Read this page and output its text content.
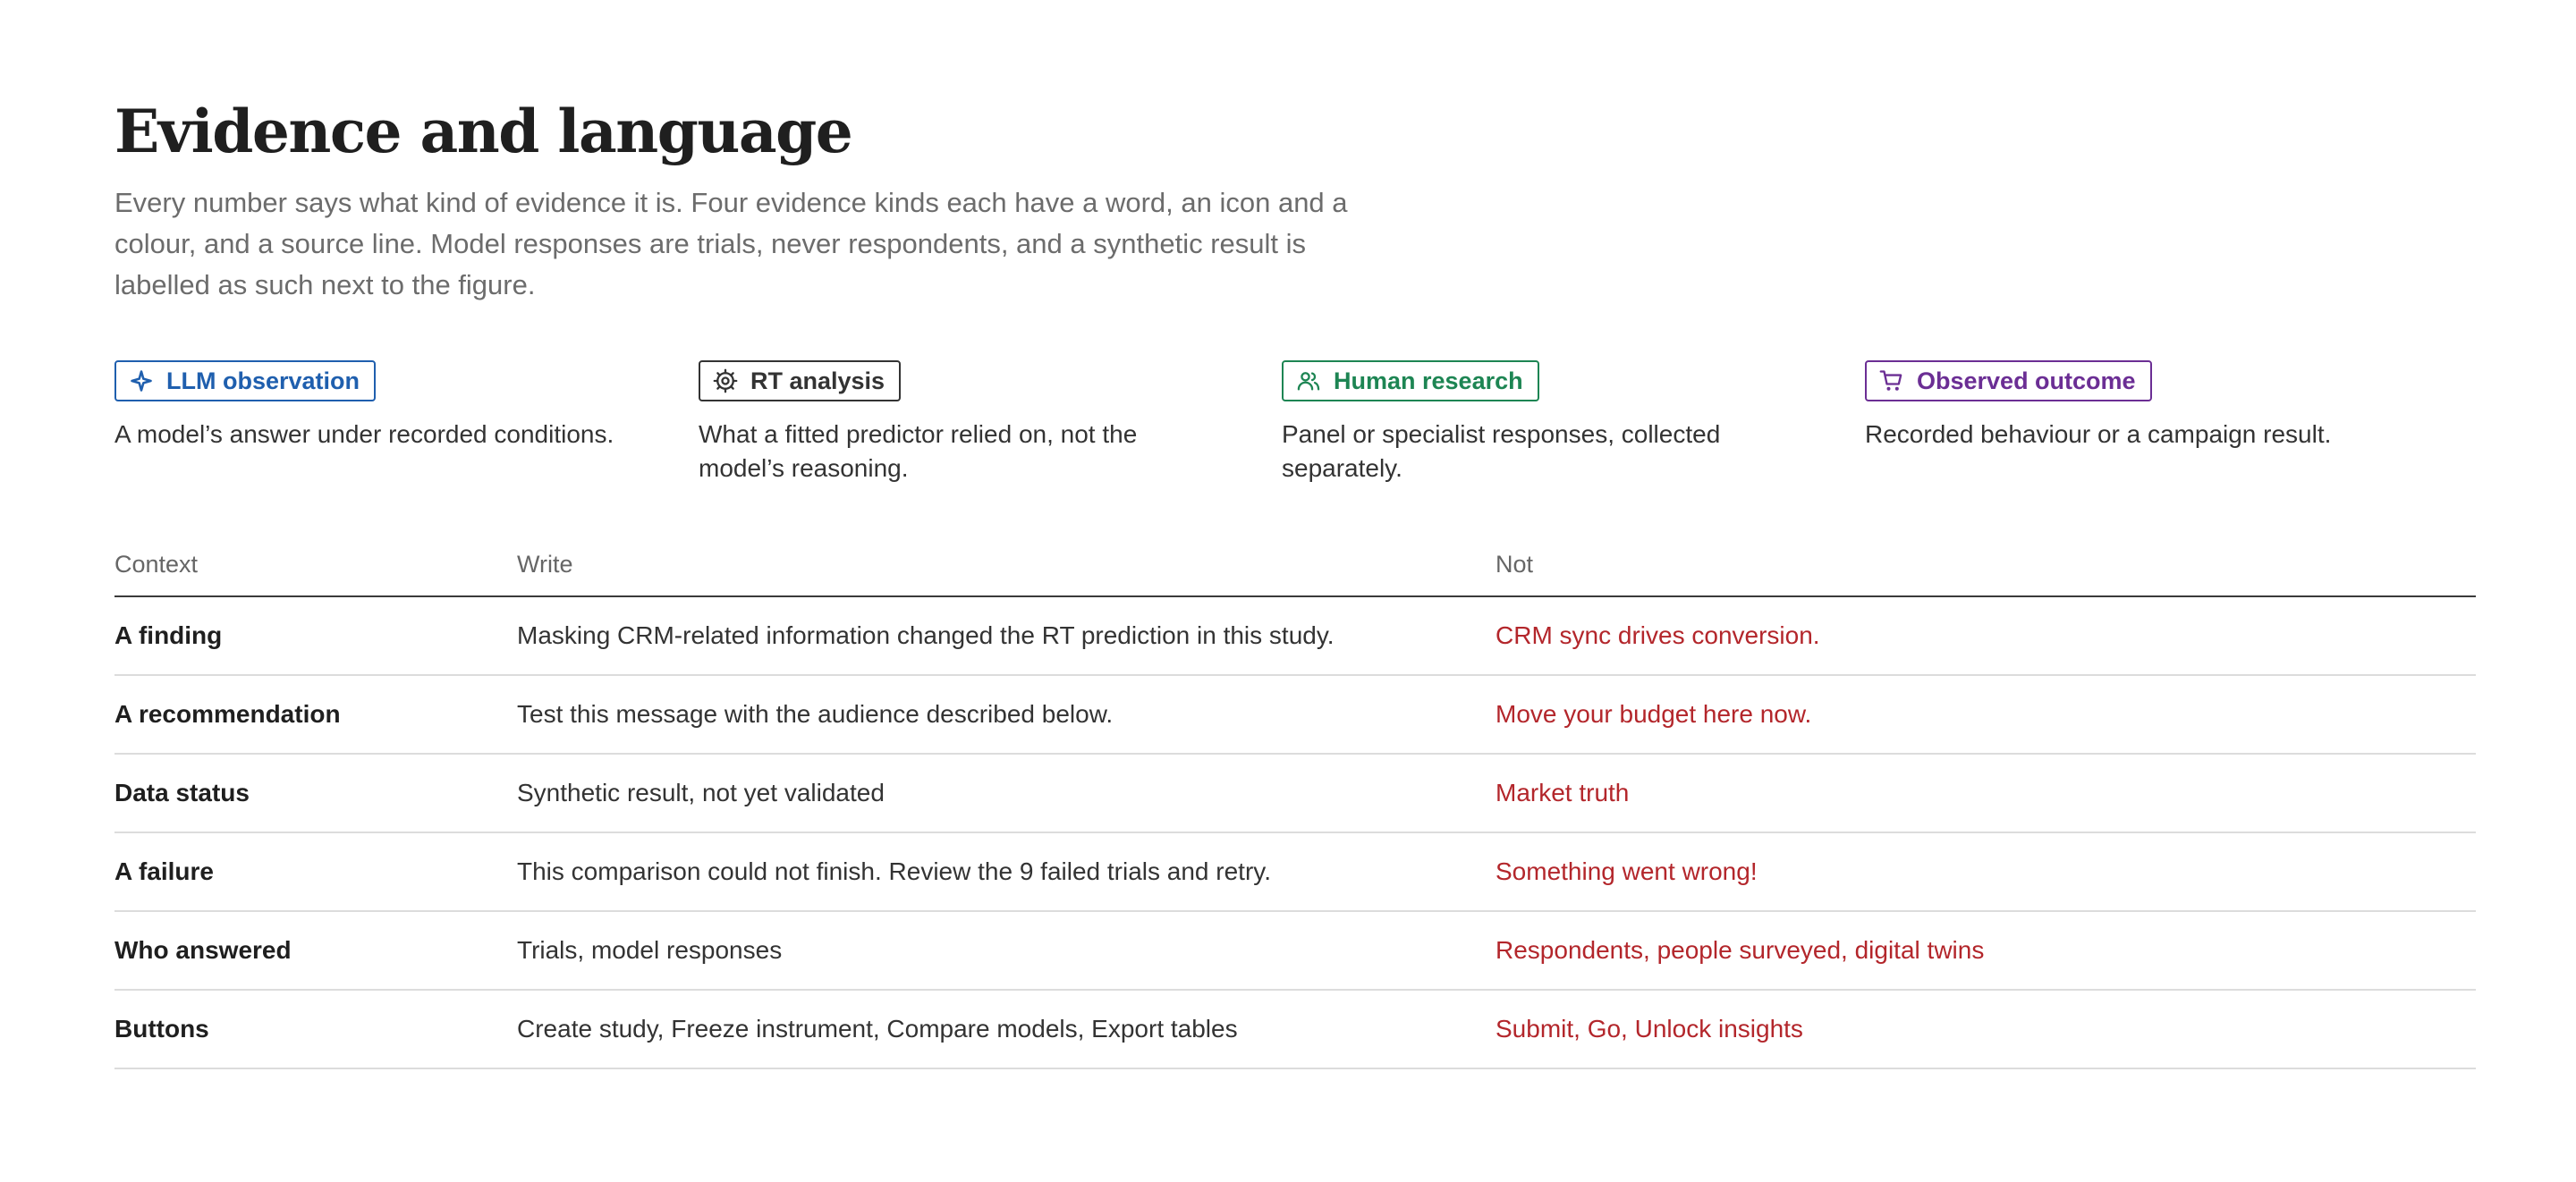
Evidence and language

Every number says what kind of evidence it is. Four evidence kinds each have a word, an icon and a colour, and a source line. Model responses are trials, never respondents, and a synthetic result is labelled as such next to the figure.

LLM observation
A model’s answer under recorded conditions.
RT analysis
What a fitted predictor relied on, not the model’s reasoning.
Human research
Panel or specialist responses, collected separately.
Observed outcome
Recorded behaviour or a campaign result.
Context	Write	Not
A finding	Masking CRM-related information changed the RT prediction in this study.	CRM sync drives conversion.
A recommendation	Test this message with the audience described below.	Move your budget here now.
Data status	Synthetic result, not yet validated	Market truth
A failure	This comparison could not finish. Review the 9 failed trials and retry.	Something went wrong!
Who answered	Trials, model responses	Respondents, people surveyed, digital twins
Buttons	Create study, Freeze instrument, Compare models, Export tables	Submit, Go, Unlock insights
